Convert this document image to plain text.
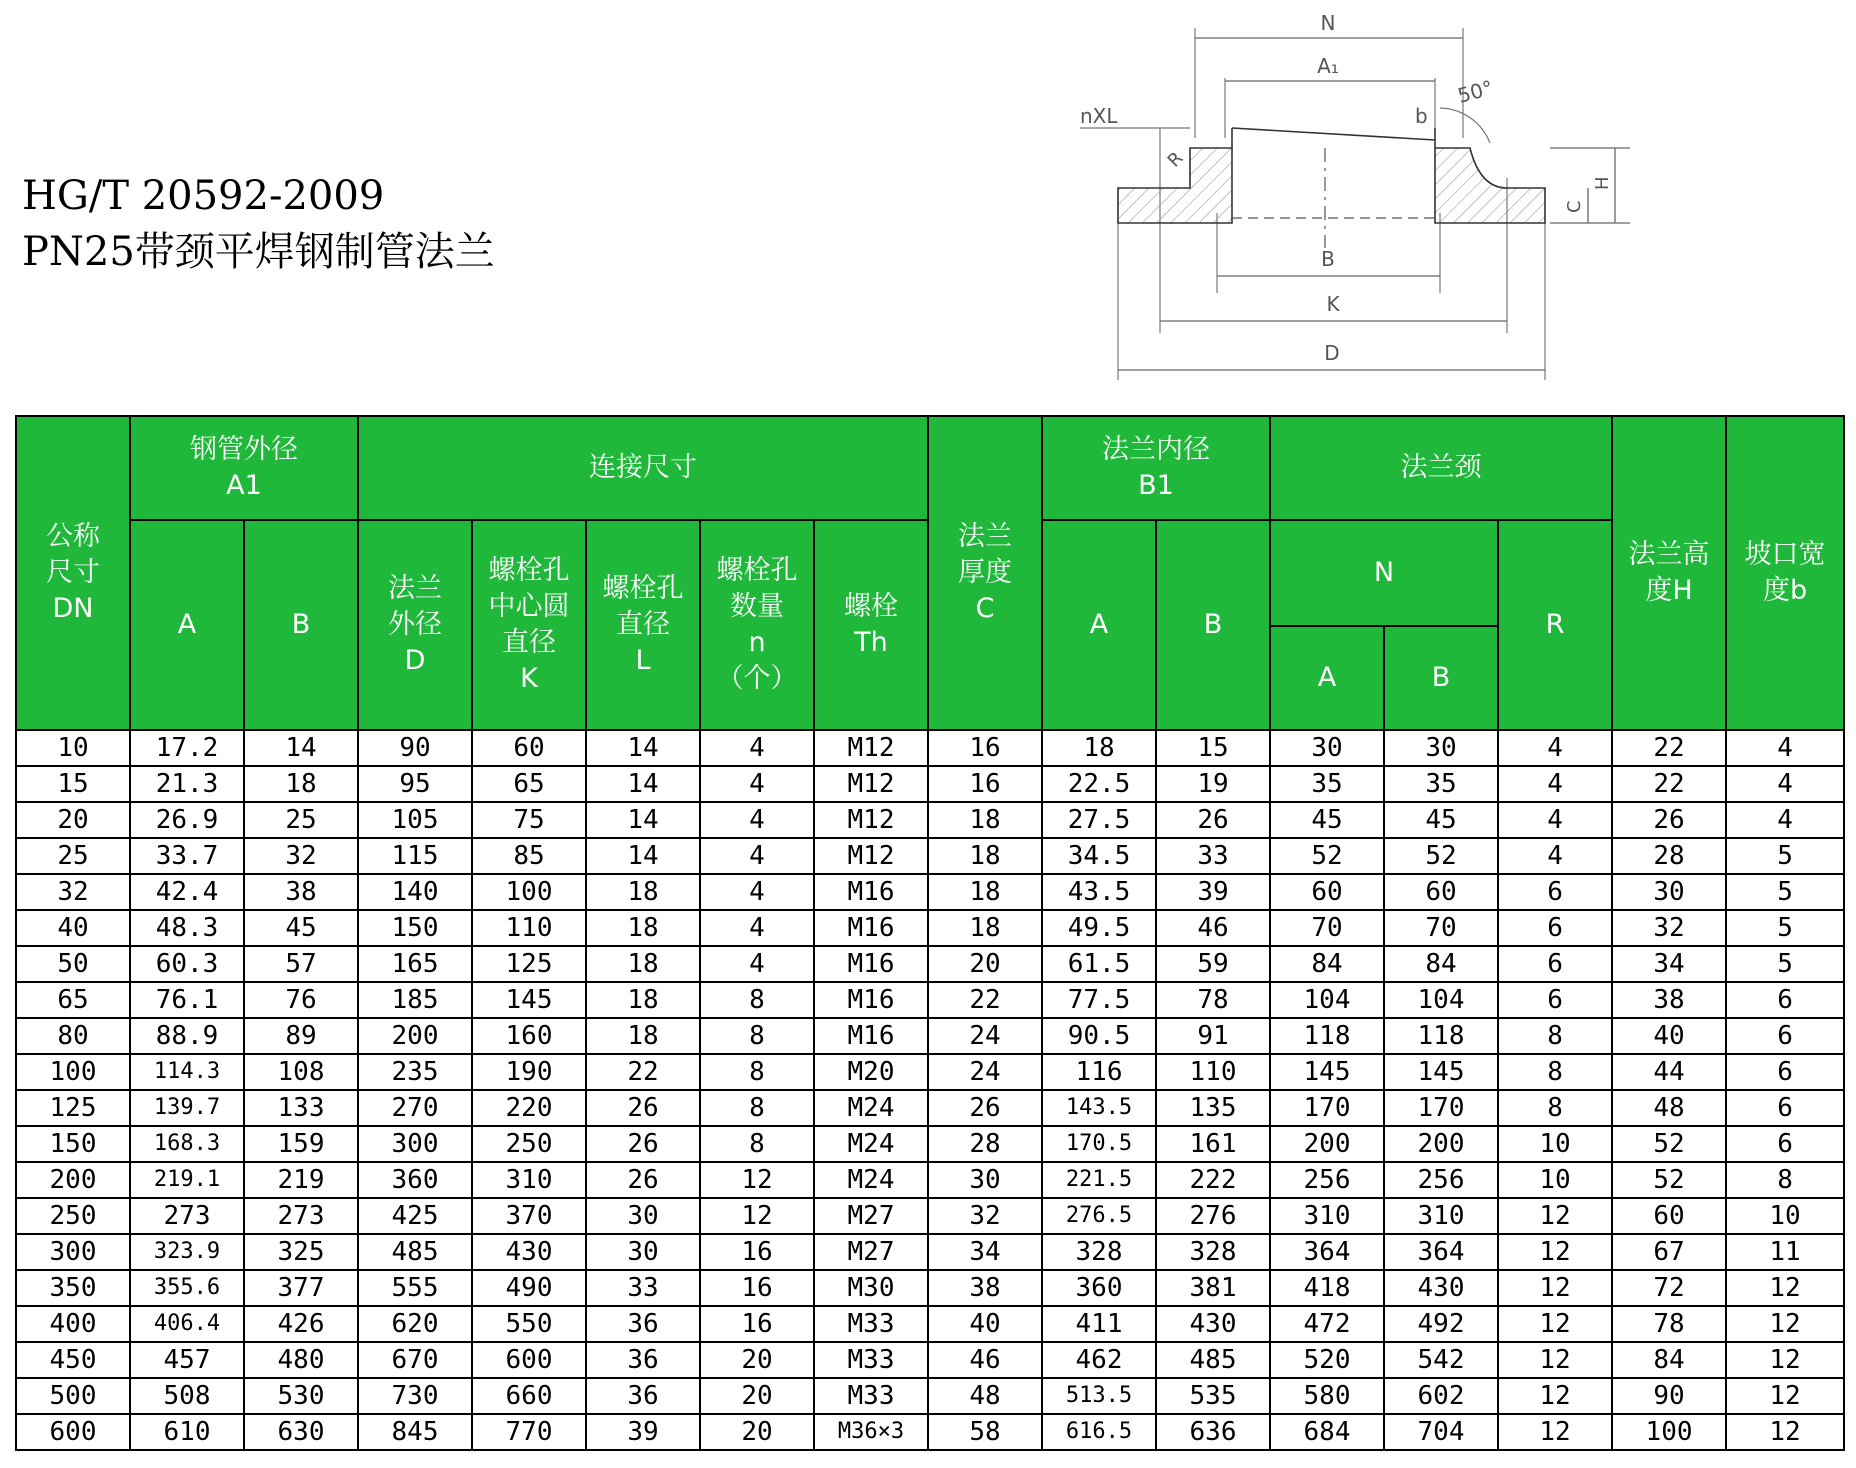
HG/T 20592-2009
PN25带颈平焊钢制管法兰
N
A₁
50°
nXL	b
R
C
H
B
K
D
公称
尺寸
DN	钢管外径
A1		连接尺寸					法兰
厚度
C	法兰内径
B1		法兰颈			法兰高
度H	坡口宽
度b

	A	B	法兰
外径
D	螺栓孔
中心圆
直径
K	螺栓孔
直径
L	螺栓孔
数量
n
（个）	螺栓
Th		A	B	N		R		

											A	B			

10	17.2	14	90	60	14	4	M12	16	18	15	30	30	4	22	4
15	21.3	18	95	65	14	4	M12	16	22.5	19	35	35	4	22	4
20	26.9	25	105	75	14	4	M12	18	27.5	26	45	45	4	26	4
25	33.7	32	115	85	14	4	M12	18	34.5	33	52	52	4	28	5
32	42.4	38	140	100	18	4	M16	18	43.5	39	60	60	6	30	5
40	48.3	45	150	110	18	4	M16	18	49.5	46	70	70	6	32	5
50	60.3	57	165	125	18	4	M16	20	61.5	59	84	84	6	34	5
65	76.1	76	185	145	18	8	M16	22	77.5	78	104	104	6	38	6
80	88.9	89	200	160	18	8	M16	24	90.5	91	118	118	8	40	6
100	114.3	108	235	190	22	8	M20	24	116	110	145	145	8	44	6
125	139.7	133	270	220	26	8	M24	26	143.5	135	170	170	8	48	6
150	168.3	159	300	250	26	8	M24	28	170.5	161	200	200	10	52	6
200	219.1	219	360	310	26	12	M24	30	221.5	222	256	256	10	52	8
250	273	273	425	370	30	12	M27	32	276.5	276	310	310	12	60	10
300	323.9	325	485	430	30	16	M27	34	328	328	364	364	12	67	11
350	355.6	377	555	490	33	16	M30	38	360	381	418	430	12	72	12
400	406.4	426	620	550	36	16	M33	40	411	430	472	492	12	78	12
450	457	480	670	600	36	20	M33	46	462	485	520	542	12	84	12
500	508	530	730	660	36	20	M33	48	513.5	535	580	602	12	90	12
600	610	630	845	770	39	20	M36×3	58	616.5	636	684	704	12	100	12
